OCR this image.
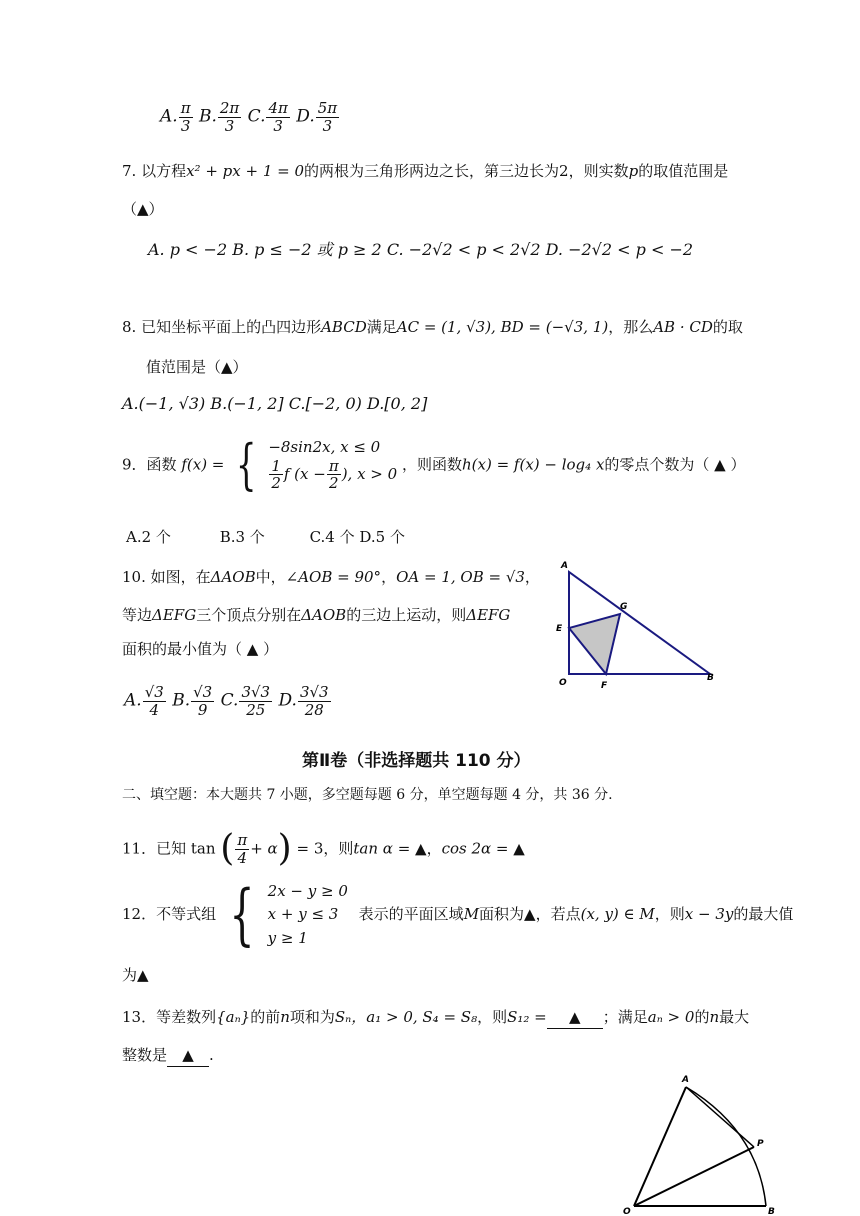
A. $\frac{\pi}{3} B$. $\frac{2\pi}{3} C$. $\frac{4\pi}{3} D$. $\frac{5\pi}{3}$
7. 以方程x² + px + 1 = 0的两根为三角形两边之长，第三边长为2，则实数p的取值范围是
（▲）
A. p < −2 B. p ≤ −2 或 p ≥ 2 C. −2√2 < p < 2√2 D. −2√2 < p < −2
8. 已知坐标平面上的凸四边形ABCD满足AC = (1, √3), BD = (−√3, 1)，那么AB · CD的取
值范围是（▲）
A.(−1, √3) B.(−1, 2] C.[−2, 0) D.[0, 2]
9．函数 f(x) = { −8sin2x, x ≤ 0
$\frac{1}{2}$ f ($x - \frac{\pi}{2}$ ), x > 0
，则函数h(x) = f(x) − log₄ x的零点个数为（ ▲ ）
A.2 个	B.3 个	C.4 个 D.5 个
10. 如图，在ΔAOB中，∠AOB = 90°，OA = 1, OB = √3，
等边ΔEFG三个顶点分别在ΔAOB的三边上运动，则ΔEFG
面积的最小值为（ ▲ ）
A. $\frac{√3}{4} B$. $\frac{√3}{9} C$. $\frac{3√3}{25} D$. $\frac{3√3}{28}$
A
G
E
O	F
B
第Ⅱ卷（非选择题共 110 分）
二、填空题：本大题共 7 小题，多空题每题 6 分，单空题每题 4 分，共 36 分.
11．已知 tan ( $\frac{\pi}{4} + \alpha) = 3$，则tan α = ▲，cos 2α = ▲
12．不等式组 { 2x − y ≥ 0
x + y ≤ 3
y ≥ 1
表示的平面区域M面积为▲，若点(x, y) ∈ M，则x − 3y的最大值
为▲
13．等差数列{aₙ}的前n项和为Sₙ，a₁ > 0, S₄ = S₈，则S₁₂ = ▲ ；满足aₙ > 0的n最大
整数是 ▲ .
A
P
O	B
